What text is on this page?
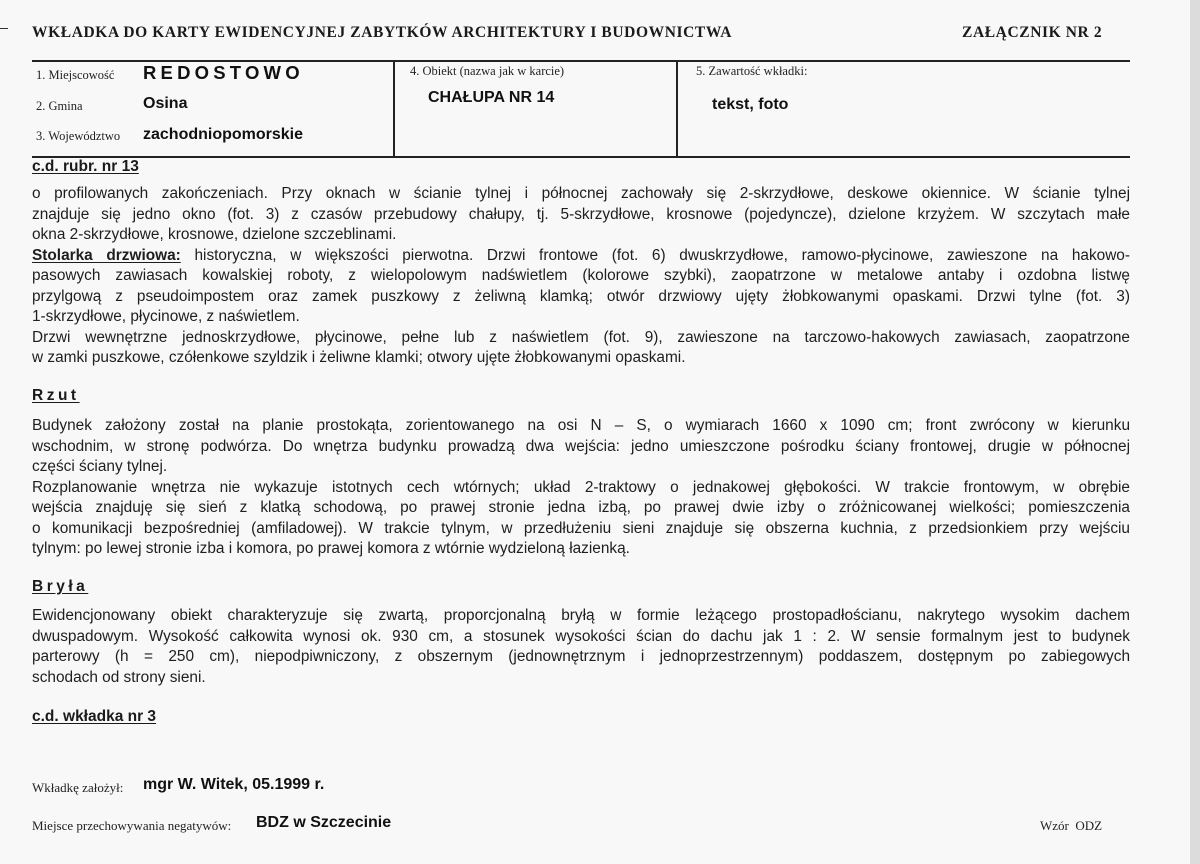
WKŁADKA DO KARTY EWIDENCYJNEJ ZABYTKÓW ARCHITEKTURY I BUDOWNICTWA	ZAŁĄCZNIK NR 2
1. Miejscowość REDOSTOWO
2. Gmina	Osina
3. Województwo zachodniopomorskie
4. Obiekt (nazwa jak w karcie)
CHAŁUPA NR 14
5. Zawartość wkładki:
tekst, foto
c.d. rubr. nr 13
o profilowanych zakończeniach. Przy oknach w ścianie tylnej i północnej zachowały się 2-skrzydłowe, deskowe okiennice. W ścianie tylnej
znajduje się jedno okno (fot. 3) z czasów przebudowy chałupy, tj. 5-skrzydłowe, krosnowe (pojedyncze), dzielone krzyżem. W szczytach małe
okna 2-skrzydłowe, krosnowe, dzielone szczeblinami.
Stolarka drzwiowa: historyczna, w większości pierwotna. Drzwi frontowe (fot. 6) dwuskrzydłowe, ramowo-płycinowe, zawieszone na hakowo-
pasowych zawiasach kowalskiej roboty, z wielopolowym nadświetlem (kolorowe szybki), zaopatrzone w metalowe antaby i ozdobna listwę
przylgową z pseudoimpostem oraz zamek puszkowy z żeliwną klamką; otwór drzwiowy ujęty żłobkowanymi opaskami. Drzwi tylne (fot. 3)
1-skrzydłowe, płycinowe, z naświetlem.
Drzwi wewnętrzne jednoskrzydłowe, płycinowe, pełne lub z naświetlem (fot. 9), zawieszone na tarczowo-hakowych zawiasach, zaopatrzone
w zamki puszkowe, czółenkowe szyldzik i żeliwne klamki; otwory ujęte żłobkowanymi opaskami.
Rzut
Budynek założony został na planie prostokąta, zorientowanego na osi N – S, o wymiarach 1660 x 1090 cm; front zwrócony w kierunku
wschodnim, w stronę podwórza. Do wnętrza budynku prowadzą dwa wejścia: jedno umieszczone pośrodku ściany frontowej, drugie w północnej
części ściany tylnej.
Rozplanowanie wnętrza nie wykazuje istotnych cech wtórnych; układ 2-traktowy o jednakowej głębokości. W trakcie frontowym, w obrębie
wejścia znajduję się sień z klatką schodową, po prawej stronie jedna izbą, po prawej dwie izby o zróżnicowanej wielkości; pomieszczenia
o komunikacji bezpośredniej (amfiladowej). W trakcie tylnym, w przedłużeniu sieni znajduje się obszerna kuchnia, z przedsionkiem przy wejściu
tylnym: po lewej stronie izba i komora, po prawej komora z wtórnie wydzieloną łazienką.
Bryła
Ewidencjonowany obiekt charakteryzuje się zwartą, proporcjonalną bryłą w formie leżącego prostopadłościanu, nakrytego wysokim dachem
dwuspadowym. Wysokość całkowita wynosi ok. 930 cm, a stosunek wysokości ścian do dachu jak 1 : 2. W sensie formalnym jest to budynek
parterowy (h = 250 cm), niepodpiwniczony, z obszernym (jednownętrznym i jednoprzestrzennym) poddaszem, dostępnym po zabiegowych
schodach od strony sieni.
c.d. wkładka nr 3
Wkładkę założył: mgr W. Witek, 05.1999 r.
Miejsce przechowywania negatywów: BDZ w Szczecinie	Wzór  ODZ
